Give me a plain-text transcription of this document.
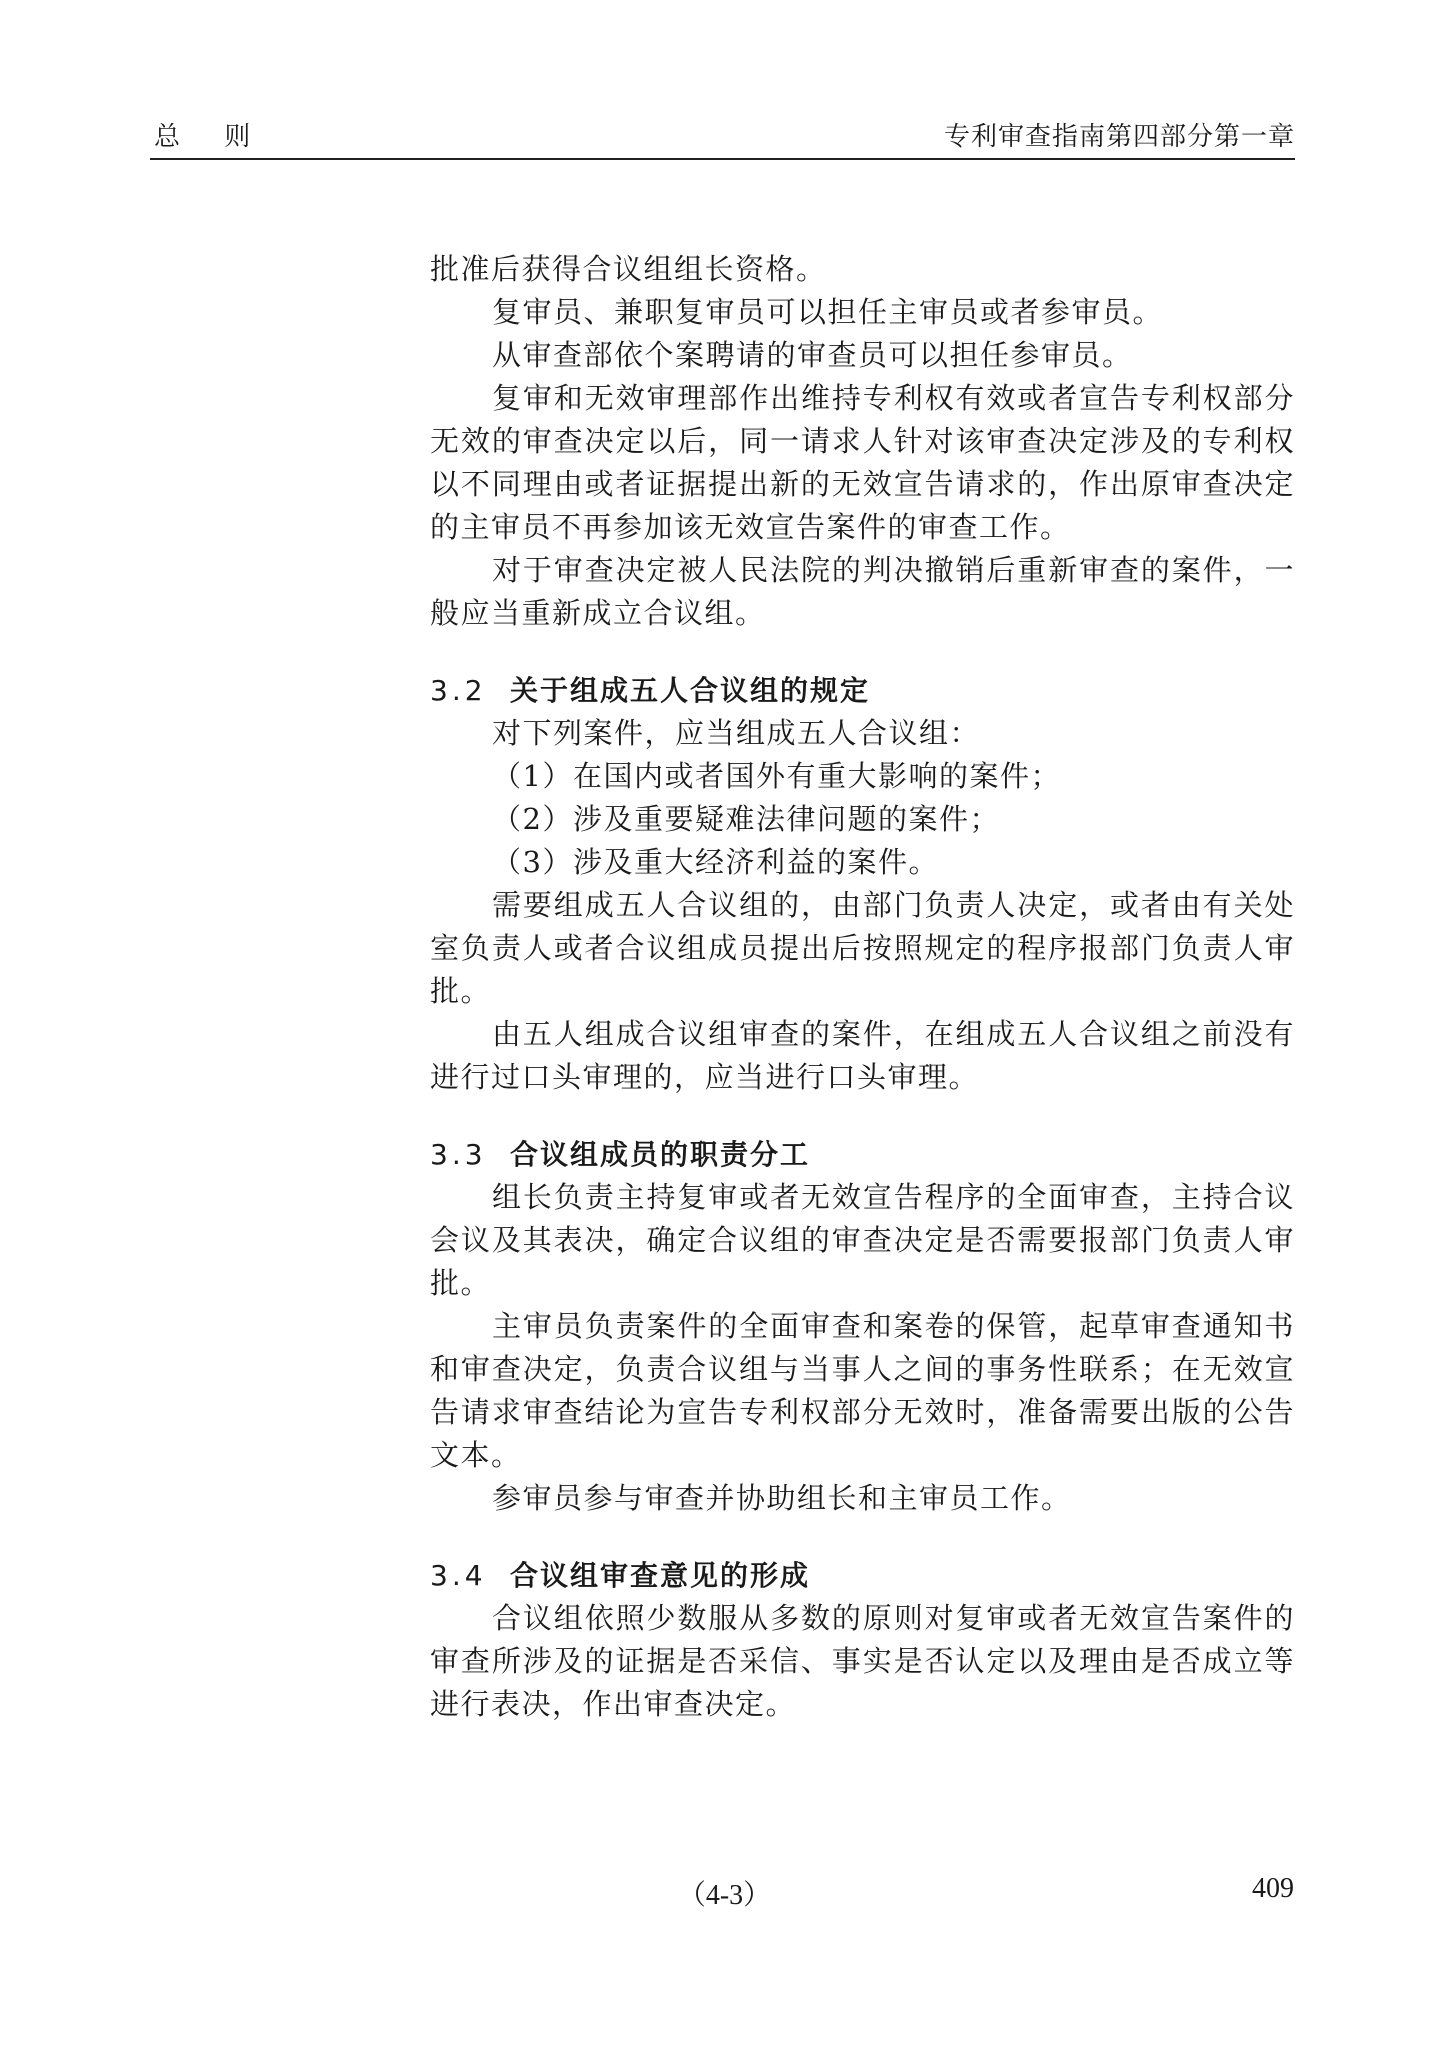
总 则	专利审查指南第四部分第一章

批准后获得合议组组长资格。

复审员、兼职复审员可以担任主审员或者参审员。

从审查部依个案聘请的审查员可以担任参审员。

复审和无效审理部作出维持专利权有效或者宣告专利权部分无效的审查决定以后，同一请求人针对该审查决定涉及的专利权以不同理由或者证据提出新的无效宣告请求的，作出原审查决定的主审员不再参加该无效宣告案件的审查工作。

对于审查决定被人民法院的判决撤销后重新审查的案件，一般应当重新成立合议组。

3.2 关于组成五人合议组的规定

对下列案件，应当组成五人合议组：

（1）在国内或者国外有重大影响的案件；

（2）涉及重要疑难法律问题的案件；

（3）涉及重大经济利益的案件。

需要组成五人合议组的，由部门负责人决定，或者由有关处室负责人或者合议组成员提出后按照规定的程序报部门负责人审批。

由五人组成合议组审查的案件，在组成五人合议组之前没有进行过口头审理的，应当进行口头审理。

3.3 合议组成员的职责分工

组长负责主持复审或者无效宣告程序的全面审查，主持合议会议及其表决，确定合议组的审查决定是否需要报部门负责人审批。

主审员负责案件的全面审查和案卷的保管，起草审查通知书和审查决定，负责合议组与当事人之间的事务性联系；在无效宣告请求审查结论为宣告专利权部分无效时，准备需要出版的公告文本。

参审员参与审查并协助组长和主审员工作。

3.4 合议组审查意见的形成

合议组依照少数服从多数的原则对复审或者无效宣告案件的审查所涉及的证据是否采信、事实是否认定以及理由是否成立等进行表决，作出审查决定。

（4-3）	409
